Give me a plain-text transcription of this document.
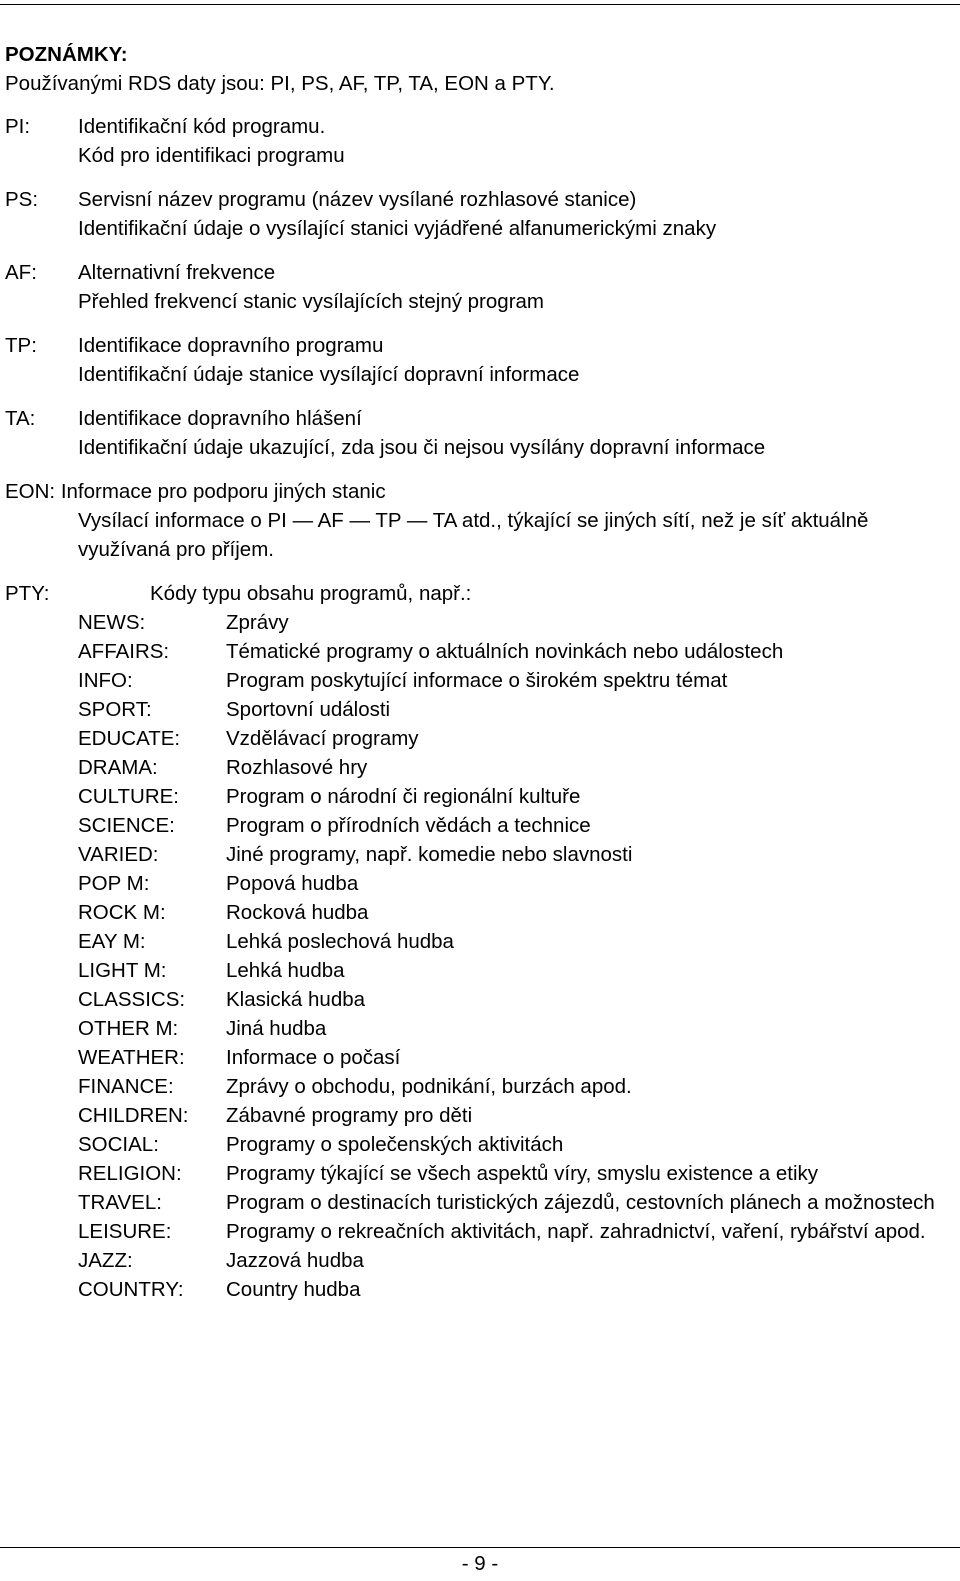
POZNÁMKY:
Používanými RDS daty jsou: PI, PS, AF, TP, TA, EON a PTY.
PI:	Identifikační kód programu.
Kód pro identifikaci programu
PS:	Servisní název programu (název vysílané rozhlasové stanice)
Identifikační údaje o vysílající stanici vyjádřené alfanumerickými znaky
AF:	Alternativní frekvence
Přehled frekvencí stanic vysílajících stejný program
TP:	Identifikace dopravního programu
Identifikační údaje stanice vysílající dopravní informace
TA:	Identifikace dopravního hlášení
Identifikační údaje ukazující, zda jsou či nejsou vysílány dopravní informace
EON: Informace pro podporu jiných stanic
Vysílací informace o PI — AF — TP — TA atd., týkající se jiných sítí, než je síť aktuálně využívaná pro příjem.
PTY:	Kódy typu obsahu programů, např.:
NEWS:	Zprávy
AFFAIRS:	Tématické programy o aktuálních novinkách nebo událostech
INFO:	Program poskytující informace o širokém spektru témat
SPORT:	Sportovní události
EDUCATE:	Vzdělávací programy
DRAMA:	Rozhlasové hry
CULTURE:	Program o národní či regionální kultuře
SCIENCE:	Program o přírodních vědách a technice
VARIED:	Jiné programy, např. komedie nebo slavnosti
POP M:	Popová hudba
ROCK M:	Rocková hudba
EAY M:	Lehká poslechová hudba
LIGHT M:	Lehká hudba
CLASSICS:	Klasická hudba
OTHER M:	Jiná hudba
WEATHER:	Informace o počasí
FINANCE:	Zprávy o obchodu, podnikání, burzách apod.
CHILDREN:	Zábavné programy pro děti
SOCIAL:	Programy o společenských aktivitách
RELIGION:	Programy týkající se všech aspektů víry, smyslu existence a etiky
TRAVEL:	Program o destinacích turistických zájezdů, cestovních plánech a možnostech
LEISURE:	Programy o rekreačních aktivitách, např. zahradnictví, vaření, rybářství apod.
JAZZ:	Jazzová hudba
COUNTRY:	Country hudba
- 9 -
